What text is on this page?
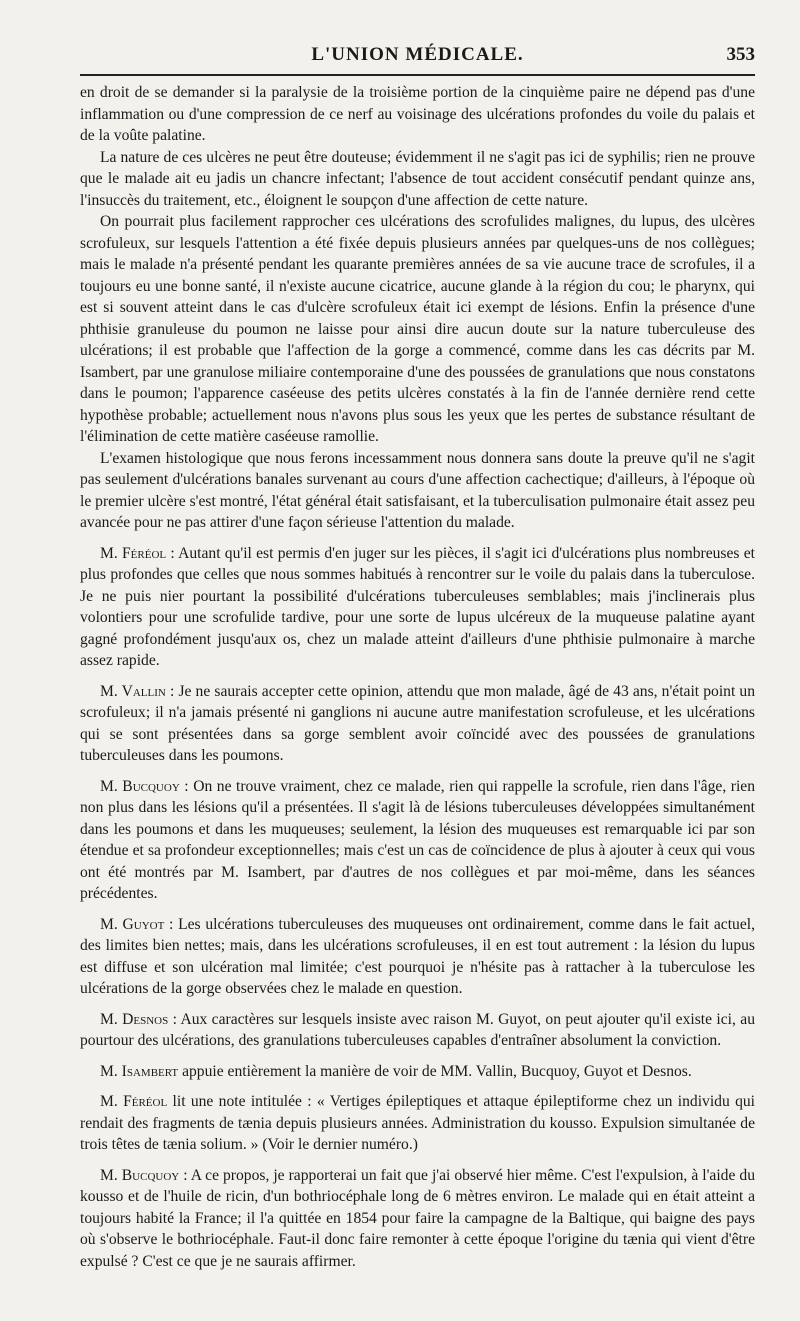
L'UNION MÉDICALE.	353

en droit de se demander si la paralysie de la troisième portion de la cinquième paire ne dépend pas d'une inflammation ou d'une compression de ce nerf au voisinage des ulcérations profondes du voile du palais et de la voûte palatine.

La nature de ces ulcères ne peut être douteuse; évidemment il ne s'agit pas ici de syphilis; rien ne prouve que le malade ait eu jadis un chancre infectant; l'absence de tout accident consécutif pendant quinze ans, l'insuccès du traitement, etc., éloignent le soupçon d'une affection de cette nature.

On pourrait plus facilement rapprocher ces ulcérations des scrofulides malignes, du lupus, des ulcères scrofuleux, sur lesquels l'attention a été fixée depuis plusieurs années par quelques-uns de nos collègues; mais le malade n'a présenté pendant les quarante premières années de sa vie aucune trace de scrofules, il a toujours eu une bonne santé, il n'existe aucune cicatrice, aucune glande à la région du cou; le pharynx, qui est si souvent atteint dans le cas d'ulcère scrofuleux était ici exempt de lésions. Enfin la présence d'une phthisie granuleuse du poumon ne laisse pour ainsi dire aucun doute sur la nature tuberculeuse des ulcérations; il est probable que l'affection de la gorge a commencé, comme dans les cas décrits par M. Isambert, par une granulose miliaire contemporaine d'une des poussées de granulations que nous constatons dans le poumon; l'apparence caséeuse des petits ulcères constatés à la fin de l'année dernière rend cette hypothèse probable; actuellement nous n'avons plus sous les yeux que les pertes de substance résultant de l'élimination de cette matière caséeuse ramollie.

L'examen histologique que nous ferons incessamment nous donnera sans doute la preuve qu'il ne s'agit pas seulement d'ulcérations banales survenant au cours d'une affection cachectique; d'ailleurs, à l'époque où le premier ulcère s'est montré, l'état général était satisfaisant, et la tuberculisation pulmonaire était assez peu avancée pour ne pas attirer d'une façon sérieuse l'attention du malade.

M. Féréol : Autant qu'il est permis d'en juger sur les pièces, il s'agit ici d'ulcérations plus nombreuses et plus profondes que celles que nous sommes habitués à rencontrer sur le voile du palais dans la tuberculose. Je ne puis nier pourtant la possibilité d'ulcérations tuberculeuses semblables; mais j'inclinerais plus volontiers pour une scrofulide tardive, pour une sorte de lupus ulcéreux de la muqueuse palatine ayant gagné profondément jusqu'aux os, chez un malade atteint d'ailleurs d'une phthisie pulmonaire à marche assez rapide.

M. Vallin : Je ne saurais accepter cette opinion, attendu que mon malade, âgé de 43 ans, n'était point un scrofuleux; il n'a jamais présenté ni ganglions ni aucune autre manifestation scrofuleuse, et les ulcérations qui se sont présentées dans sa gorge semblent avoir coïncidé avec des poussées de granulations tuberculeuses dans les poumons.

M. Bucquoy : On ne trouve vraiment, chez ce malade, rien qui rappelle la scrofule, rien dans l'âge, rien non plus dans les lésions qu'il a présentées. Il s'agit là de lésions tuberculeuses développées simultanément dans les poumons et dans les muqueuses; seulement, la lésion des muqueuses est remarquable ici par son étendue et sa profondeur exceptionnelles; mais c'est un cas de coïncidence de plus à ajouter à ceux qui vous ont été montrés par M. Isambert, par d'autres de nos collègues et par moi-même, dans les séances précédentes.

M. Guyot : Les ulcérations tuberculeuses des muqueuses ont ordinairement, comme dans le fait actuel, des limites bien nettes; mais, dans les ulcérations scrofuleuses, il en est tout autrement : la lésion du lupus est diffuse et son ulcération mal limitée; c'est pourquoi je n'hésite pas à rattacher à la tuberculose les ulcérations de la gorge observées chez le malade en question.

M. Desnos : Aux caractères sur lesquels insiste avec raison M. Guyot, on peut ajouter qu'il existe ici, au pourtour des ulcérations, des granulations tuberculeuses capables d'entraîner absolument la conviction.

M. Isambert appuie entièrement la manière de voir de MM. Vallin, Bucquoy, Guyot et Desnos.

M. Féréol lit une note intitulée : « Vertiges épileptiques et attaque épileptiforme chez un individu qui rendait des fragments de tænia depuis plusieurs années. Administration du kousso. Expulsion simultanée de trois têtes de tænia solium. » (Voir le dernier numéro.)

M. Bucquoy : A ce propos, je rapporterai un fait que j'ai observé hier même. C'est l'expulsion, à l'aide du kousso et de l'huile de ricin, d'un bothriocéphale long de 6 mètres environ. Le malade qui en était atteint a toujours habité la France; il l'a quittée en 1854 pour faire la campagne de la Baltique, qui baigne des pays où s'observe le bothriocéphale. Faut-il donc faire remonter à cette époque l'origine du tænia qui vient d'être expulsé ? C'est ce que je ne saurais affirmer.
